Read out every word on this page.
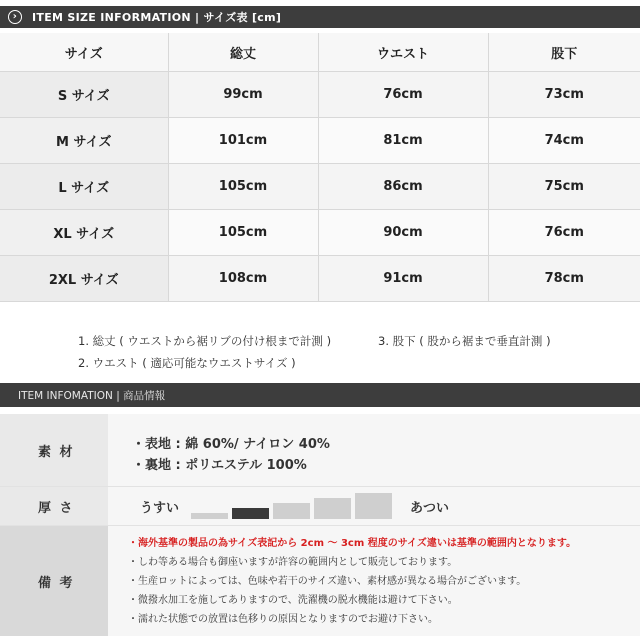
›	ITEM SIZE INFORMATION | サイズ表 [cm]
サイズ	総丈	ウエスト	股下
S サイズ	99cm	76cm	73cm
M サイズ	101cm	81cm	74cm
L サイズ	105cm	86cm	75cm
XL サイズ	105cm	90cm	76cm
2XL サイズ	108cm	91cm	78cm
1. 総丈 ( ウエストから裾リブの付け根まで計測 )
2. ウエスト ( 適応可能なウエストサイズ )
3. 股下 ( 股から裾まで垂直計測 )
ITEM INFOMATION | 商品情報
素 材	・表地 : 綿 60%/ ナイロン 40%
・裏地 : ポリエステル 100%
厚 さ	うすい	あつい
備 考
・海外基準の製品の為サイズ表記から 2cm 〜 3cm 程度のサイズ違いは基準の範囲内となります。
・しわ等ある場合も御座いますが許容の範囲内として販売しております。
・生産ロットによっては、色味や若干のサイズ違い、素材感が異なる場合がございます。
・微撥水加工を施してありますので、洗濯機の脱水機能は避けて下さい。
・濡れた状態での放置は色移りの原因となりますのでお避け下さい。
